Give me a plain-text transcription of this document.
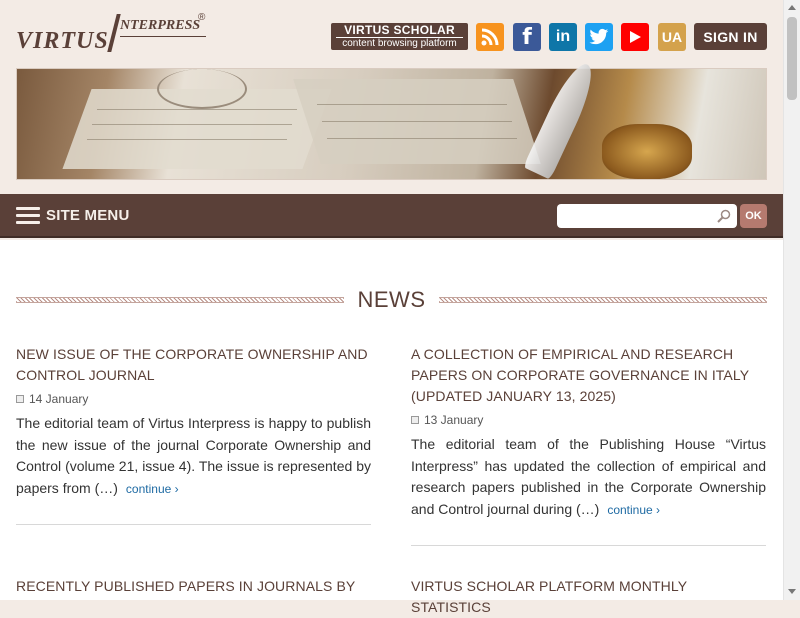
VIRTUS
NTERPRESS
®
VIRTUS SCHOLAR
content browsing platform	f in	UA	SIGN IN
SITE MENU	OK
NEWS
NEW ISSUE OF THE CORPORATE OWNERSHIP AND CONTROL JOURNAL
14 January

The editorial team of Virtus Interpress is happy to publish the new issue of the journal Corporate Ownership and Control (volume 21, issue 4). The issue is represented by papers from (…) continue ›

A COLLECTION OF EMPIRICAL AND RESEARCH PAPERS ON CORPORATE GOVERNANCE IN ITALY (UPDATED JANUARY 13, 2025)
13 January

The editorial team of the Publishing House “Virtus Interpress” has updated the collection of empirical and research papers published in the Corporate Ownership and Control journal during (…) continue ›

RECENTLY PUBLISHED PAPERS IN JOURNALS BY	VIRTUS SCHOLAR PLATFORM MONTHLY STATISTICS
